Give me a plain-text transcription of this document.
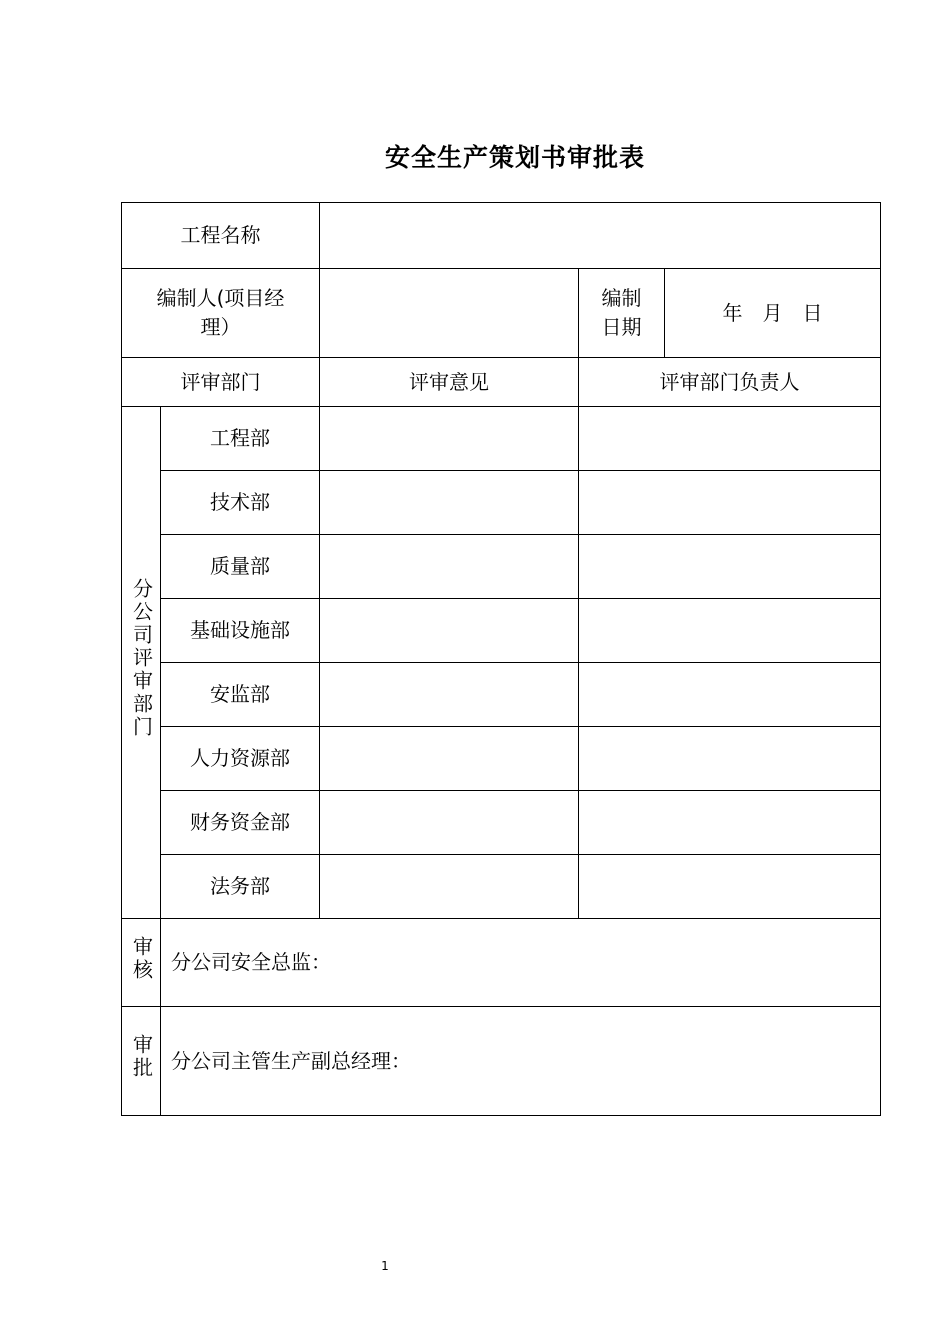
安全生产策划书审批表
工程名称				
编制人(项目经理）			编制日期	年 月 日
评审部门		评审意见	评审部门负责人	
分公司评审部门	工程部			
	技术部			
	质量部			
	基础设施部			
	安监部			
	人力资源部			
	财务资金部			
	法务部			
审核	分公司安全总监：			
审批	分公司主管生产副总经理：			
1
